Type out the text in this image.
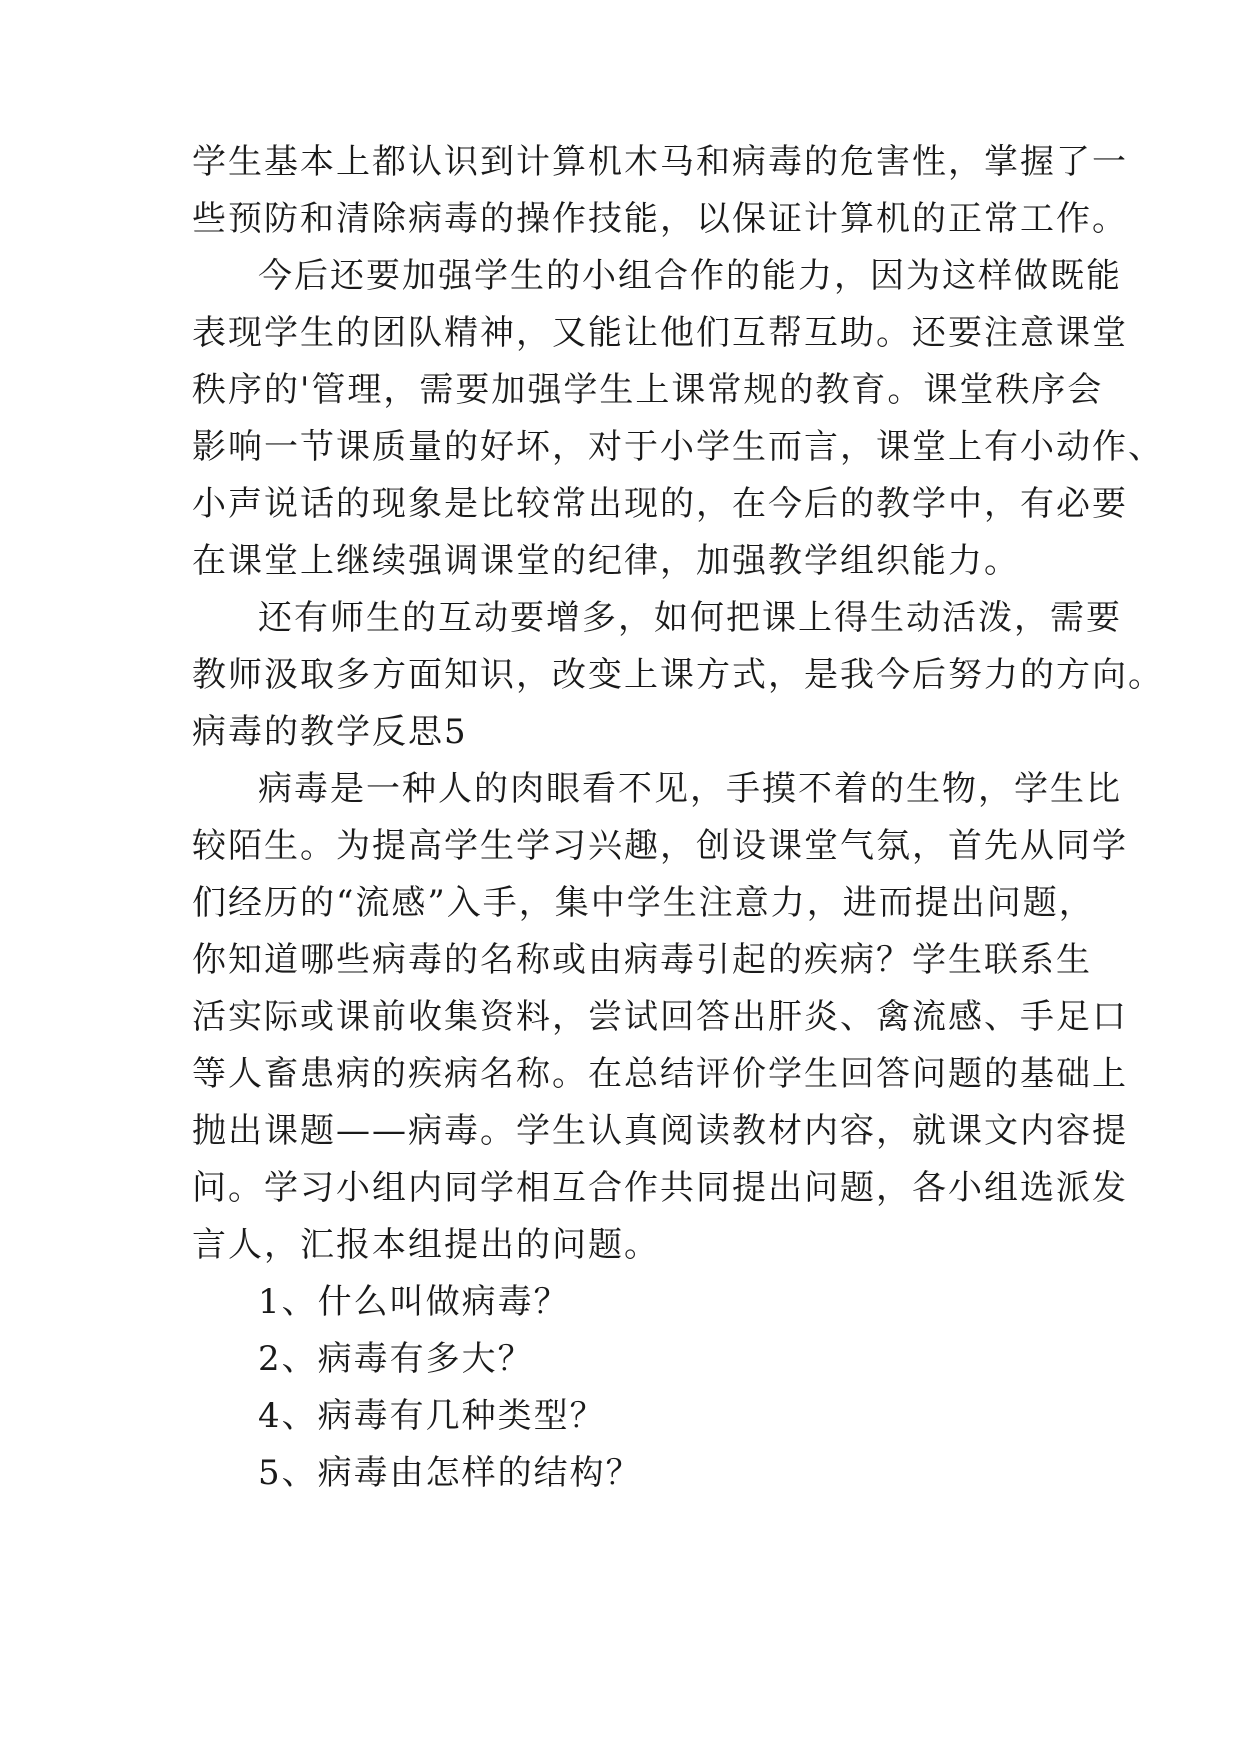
学生基本上都认识到计算机木马和病毒的危害性，掌握了一
些预防和清除病毒的操作技能，以保证计算机的正常工作。
今后还要加强学生的小组合作的能力，因为这样做既能
表现学生的团队精神，又能让他们互帮互助。还要注意课堂
秩序的'管理，需要加强学生上课常规的教育。课堂秩序会
影响一节课质量的好坏，对于小学生而言，课堂上有小动作、
小声说话的现象是比较常出现的，在今后的教学中，有必要
在课堂上继续强调课堂的纪律，加强教学组织能力。
还有师生的互动要增多，如何把课上得生动活泼，需要
教师汲取多方面知识，改变上课方式，是我今后努力的方向。
病毒的教学反思5
病毒是一种人的肉眼看不见，手摸不着的生物，学生比
较陌生。为提高学生学习兴趣，创设课堂气氛，首先从同学
们经历的“流感”入手，集中学生注意力，进而提出问题，
你知道哪些病毒的名称或由病毒引起的疾病？学生联系生
活实际或课前收集资料，尝试回答出肝炎、禽流感、手足口
等人畜患病的疾病名称。在总结评价学生回答问题的基础上
抛出课题——病毒。学生认真阅读教材内容，就课文内容提
问。学习小组内同学相互合作共同提出问题，各小组选派发
言人，汇报本组提出的问题。
1、什么叫做病毒？
2、病毒有多大？
4、病毒有几种类型？
5、病毒由怎样的结构？
